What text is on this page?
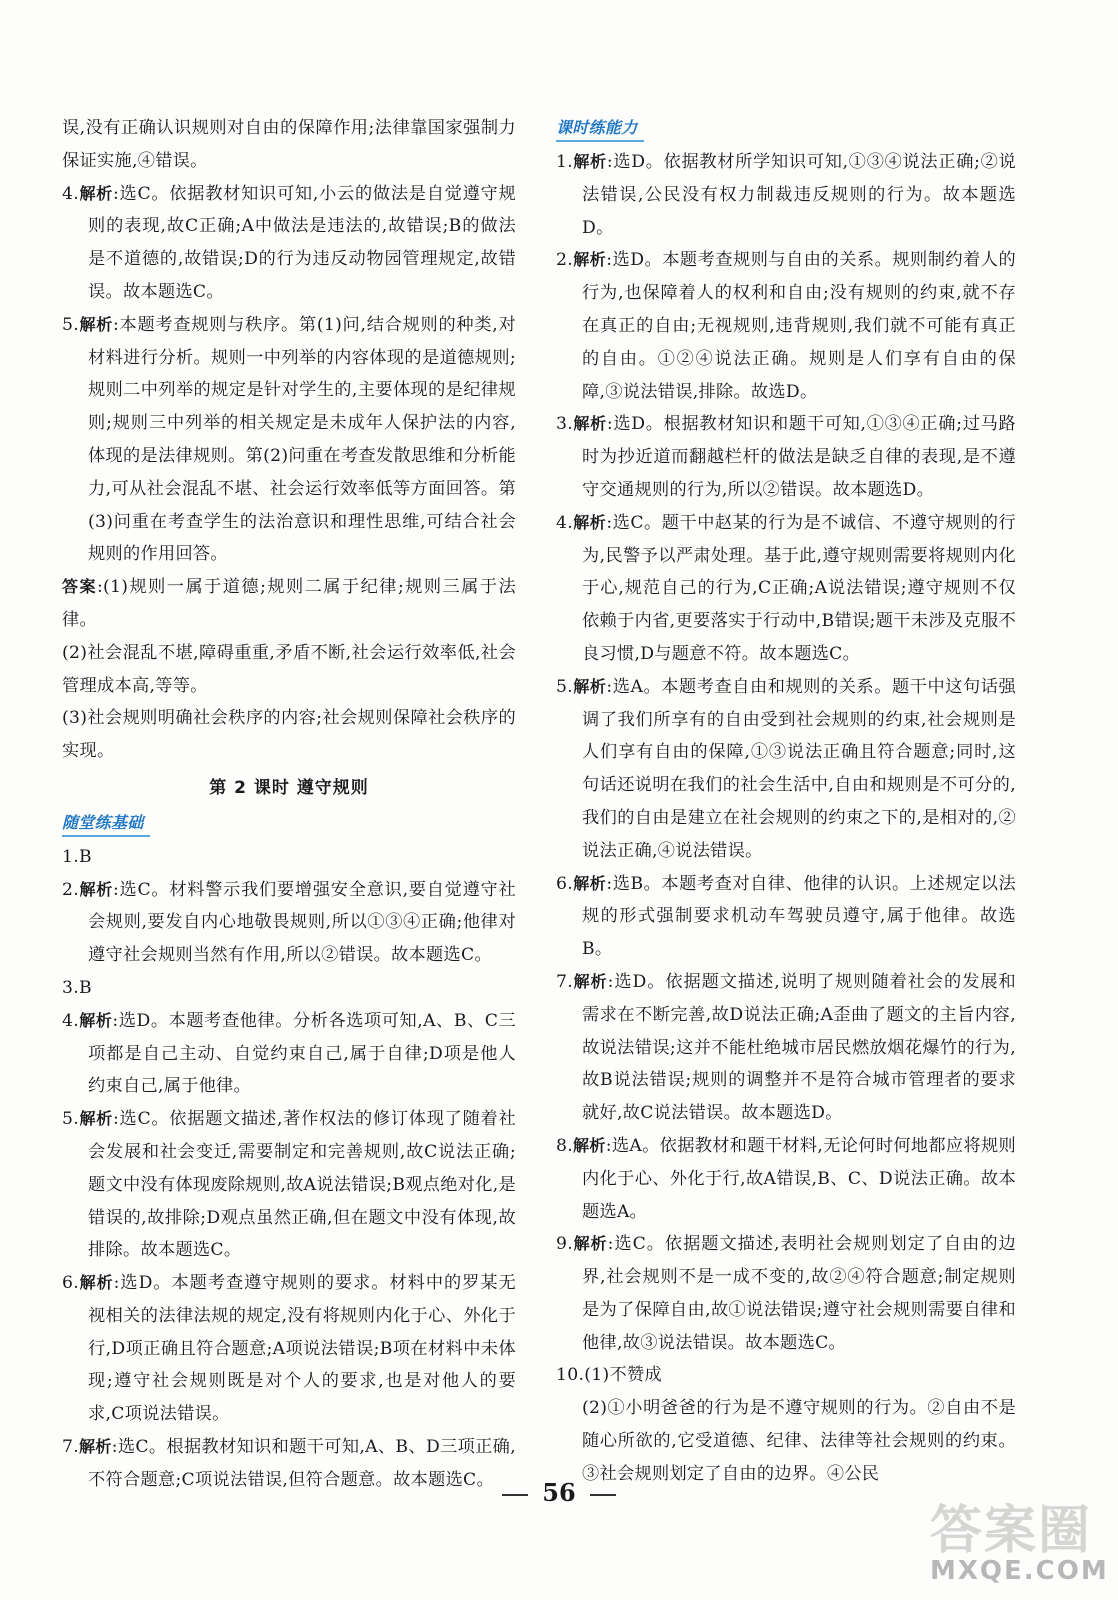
误,没有正确认识规则对自由的保障作用;法律靠国家强制力保证实施,④错误。

4.解析:选C。依据教材知识可知,小云的做法是自觉遵守规则的表现,故C正确;A中做法是违法的,故错误;B的做法是不道德的,故错误;D的行为违反动物园管理规定,故错误。故本题选C。

5.解析:本题考查规则与秩序。第(1)问,结合规则的种类,对材料进行分析。规则一中列举的内容体现的是道德规则;规则二中列举的规定是针对学生的,主要体现的是纪律规则;规则三中列举的相关规定是未成年人保护法的内容,体现的是法律规则。第(2)问重在考查发散思维和分析能力,可从社会混乱不堪、社会运行效率低等方面回答。第(3)问重在考查学生的法治意识和理性思维,可结合社会规则的作用回答。

答案:(1)规则一属于道德;规则二属于纪律;规则三属于法律。

(2)社会混乱不堪,障碍重重,矛盾不断,社会运行效率低,社会管理成本高,等等。

(3)社会规则明确社会秩序的内容;社会规则保障社会秩序的实现。

第 2 课时 遵守规则
随堂练基础

1.B

2.解析:选C。材料警示我们要增强安全意识,要自觉遵守社会规则,要发自内心地敬畏规则,所以①③④正确;他律对遵守社会规则当然有作用,所以②错误。故本题选C。

3.B

4.解析:选D。本题考查他律。分析各选项可知,A、B、C三项都是自己主动、自觉约束自己,属于自律;D项是他人约束自己,属于他律。

5.解析:选C。依据题文描述,著作权法的修订体现了随着社会发展和社会变迁,需要制定和完善规则,故C说法正确;题文中没有体现废除规则,故A说法错误;B观点绝对化,是错误的,故排除;D观点虽然正确,但在题文中没有体现,故排除。故本题选C。

6.解析:选D。本题考查遵守规则的要求。材料中的罗某无视相关的法律法规的规定,没有将规则内化于心、外化于行,D项正确且符合题意;A项说法错误;B项在材料中未体现;遵守社会规则既是对个人的要求,也是对他人的要求,C项说法错误。

7.解析:选C。根据教材知识和题干可知,A、B、D三项正确,不符合题意;C项说法错误,但符合题意。故本题选C。

课时练能力

1.解析:选D。依据教材所学知识可知,①③④说法正确;②说法错误,公民没有权力制裁违反规则的行为。故本题选D。

2.解析:选D。本题考查规则与自由的关系。规则制约着人的行为,也保障着人的权利和自由;没有规则的约束,就不存在真正的自由;无视规则,违背规则,我们就不可能有真正的自由。①②④说法正确。规则是人们享有自由的保障,③说法错误,排除。故选D。

3.解析:选D。根据教材知识和题干可知,①③④正确;过马路时为抄近道而翻越栏杆的做法是缺乏自律的表现,是不遵守交通规则的行为,所以②错误。故本题选D。

4.解析:选C。题干中赵某的行为是不诚信、不遵守规则的行为,民警予以严肃处理。基于此,遵守规则需要将规则内化于心,规范自己的行为,C正确;A说法错误;遵守规则不仅依赖于内省,更要落实于行动中,B错误;题干未涉及克服不良习惯,D与题意不符。故本题选C。

5.解析:选A。本题考查自由和规则的关系。题干中这句话强调了我们所享有的自由受到社会规则的约束,社会规则是人们享有自由的保障,①③说法正确且符合题意;同时,这句话还说明在我们的社会生活中,自由和规则是不可分的,我们的自由是建立在社会规则的约束之下的,是相对的,②说法正确,④说法错误。

6.解析:选B。本题考查对自律、他律的认识。上述规定以法规的形式强制要求机动车驾驶员遵守,属于他律。故选B。

7.解析:选D。依据题文描述,说明了规则随着社会的发展和需求在不断完善,故D说法正确;A歪曲了题文的主旨内容,故说法错误;这并不能杜绝城市居民燃放烟花爆竹的行为,故B说法错误;规则的调整并不是符合城市管理者的要求就好,故C说法错误。故本题选D。

8.解析:选A。依据教材和题干材料,无论何时何地都应将规则内化于心、外化于行,故A错误,B、C、D说法正确。故本题选A。

9.解析:选C。依据题文描述,表明社会规则划定了自由的边界,社会规则不是一成不变的,故②④符合题意;制定规则是为了保障自由,故①说法错误;遵守社会规则需要自律和他律,故③说法错误。故本题选C。

10.(1)不赞成

(2)①小明爸爸的行为是不遵守规则的行为。②自由不是随心所欲的,它受道德、纪律、法律等社会规则的约束。③社会规则划定了自由的边界。④公民

56
答案圈
MXQE.COM
